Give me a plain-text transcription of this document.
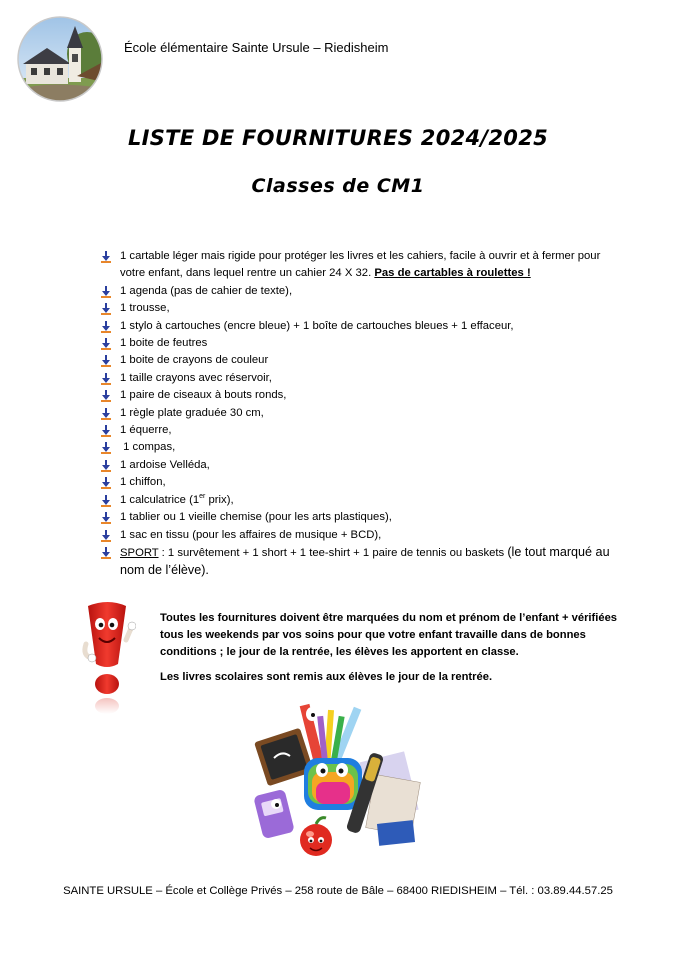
École élémentaire Sainte Ursule – Riedisheim
LISTE DE FOURNITURES 2024/2025
Classes de CM1
1 cartable léger mais rigide pour protéger les livres et les cahiers, facile à ouvrir et à fermer pour votre enfant, dans lequel rentre un cahier 24 X 32. Pas de cartables à roulettes !
1 agenda (pas de cahier de texte),
1 trousse,
1 stylo à cartouches (encre bleue) + 1 boîte de cartouches bleues + 1 effaceur,
1 boite de feutres
1 boite de crayons de couleur
1 taille crayons avec réservoir,
1 paire de ciseaux à bouts ronds,
1 règle plate graduée 30 cm,
1 équerre,
1 compas,
1 ardoise Velléda,
1 chiffon,
1 calculatrice (1er prix),
1 tablier ou 1 vieille chemise (pour les arts plastiques),
1 sac en tissu (pour les affaires de musique + BCD),
SPORT : 1 survêtement + 1 short + 1 tee-shirt + 1 paire de tennis ou baskets (le tout marqué au nom de l’élève).

Toutes les fournitures doivent être marquées du nom et prénom de l’enfant + vérifiées tous les weekends par vos soins pour que votre enfant travaille dans de bonnes conditions ; le jour de la rentrée, les élèves les apportent en classe.

Les livres scolaires sont remis aux élèves le jour de la rentrée.

SAINTE URSULE – École et Collège Privés – 258 route de Bâle – 68400 RIEDISHEIM – Tél. : 03.89.44.57.25
